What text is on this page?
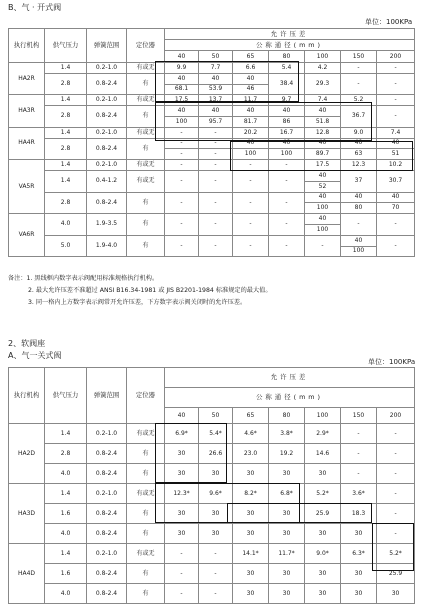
B、气 · 开式阀
单位：100KPa
执行机构	供气压力	弹簧范围	定位器	允许压差						
				公称通径(mm)						
				40	50	65	80	100	150	200
HA2R	1.4	0.2-1.0	有或无	9.9	7.7	6.6	5.4	4.2	-	-
	2.8	0.8-2.4	有	40	40	40	38.4	29.3	-	-
				68.1	53.9	46				
HA3R	1.4	0.2-1.0	有或无	17.5	13.7	11.7	9.7	7.4	5.2	-
	2.8	0.8-2.4	有	40	40	40	40	40	36.7	-
				100	95.7	81.7	86	51.8		
HA4R	1.4	0.2-1.0	有或无	-	-	20.2	16.7	12.8	9.0	7.4
	2.8	0.8-2.4	有	-	-	40	40	40	40	40
				-	-	100	100	89.7	63	51
VA5R	1.4	0.2-1.0	有或无	-	-	-	-	17.5	12.3	10.2
	1.4	0.4-1.2	有或无	-	-	-	-	40	37	30.7
								52		
	2.8	0.8-2.4	有	-	-	-	-	40	40	40
								100	80	70
VA6R	4.0	1.9-3.5	有	-	-	-	-	40	-	-
								100		
	5.0	1.9-4.0	有	-	-	-	-	-	40	-
									100	
备注：1. 黑线框内数字表示阀配用标准规格执行机构。
2. 最大允许压差不准超过 ANSI B16.34-1981 或 JIS B2201-1984 标准规定的最大值。
3. 同一格内上方数字表示阀常开允许压差，下方数字表示阀关闭时的允许压差。
2、软阀座
A、气一关式阀
单位：100KPa
执行机构	供气压力	弹簧范围	定位器	允许压差						
				公称通径(mm)						
				40	50	65	80	100	150	200
HA2D	1.4	0.2-1.0	有或无	6.9*	5.4*	4.6*	3.8*	2.9*	-	-
	2.8	0.8-2.4	有	30	26.6	23.0	19.2	14.6	-	-
	4.0	0.8-2.4	有	30	30	30	30	30	-	-
HA3D	1.4	0.2-1.0	有或无	12.3*	9.6*	8.2*	6.8*	5.2*	3.6*	-
	1.6	0.8-2.4	有	30	30	30	30	25.9	18.3	-
	4.0	0.8-2.4	有	30	30	30	30	30	30	-
HA4D	1.4	0.2-1.0	有或无	-	-	14.1*	11.7*	9.0*	6.3*	5.2*
	1.6	0.8-2.4	有	-	-	30	30	30	30	25.9
	4.0	0.8-2.4	有	-	-	30	30	30	30	30
